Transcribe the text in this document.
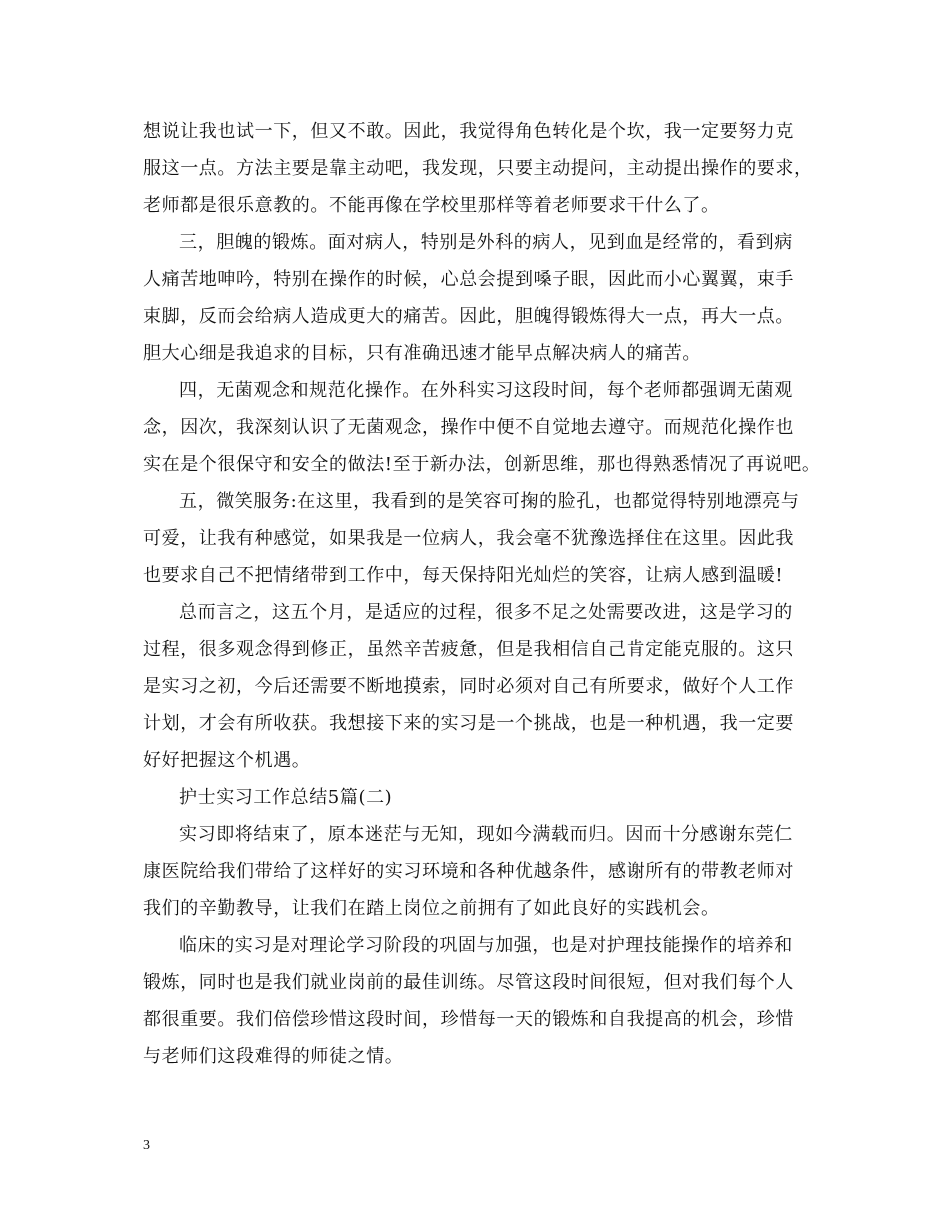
想说让我也试一下，但又不敢。因此，我觉得角色转化是个坎，我一定要努力克
服这一点。方法主要是靠主动吧，我发现，只要主动提问，主动提出操作的要求，
老师都是很乐意教的。不能再像在学校里那样等着老师要求干什么了。
三，胆魄的锻炼。面对病人，特别是外科的病人，见到血是经常的，看到病
人痛苦地呻吟，特别在操作的时候，心总会提到嗓子眼，因此而小心翼翼，束手
束脚，反而会给病人造成更大的痛苦。因此，胆魄得锻炼得大一点，再大一点。
胆大心细是我追求的目标，只有准确迅速才能早点解决病人的痛苦。
四，无菌观念和规范化操作。在外科实习这段时间，每个老师都强调无菌观
念，因次，我深刻认识了无菌观念，操作中便不自觉地去遵守。而规范化操作也
实在是个很保守和安全的做法!至于新办法，创新思维，那也得熟悉情况了再说吧。
五，微笑服务:在这里，我看到的是笑容可掬的脸孔，也都觉得特别地漂亮与
可爱，让我有种感觉，如果我是一位病人，我会毫不犹豫选择住在这里。因此我
也要求自己不把情绪带到工作中，每天保持阳光灿烂的笑容，让病人感到温暖!
总而言之，这五个月，是适应的过程，很多不足之处需要改进，这是学习的
过程，很多观念得到修正，虽然辛苦疲惫，但是我相信自己肯定能克服的。这只
是实习之初，今后还需要不断地摸索，同时必须对自己有所要求，做好个人工作
计划，才会有所收获。我想接下来的实习是一个挑战，也是一种机遇，我一定要
好好把握这个机遇。
护士实习工作总结5篇(二)
实习即将结束了，原本迷茫与无知，现如今满载而归。因而十分感谢东莞仁
康医院给我们带给了这样好的实习环境和各种优越条件，感谢所有的带教老师对
我们的辛勤教导，让我们在踏上岗位之前拥有了如此良好的实践机会。
临床的实习是对理论学习阶段的巩固与加强，也是对护理技能操作的培养和
锻炼，同时也是我们就业岗前的最佳训练。尽管这段时间很短，但对我们每个人
都很重要。我们倍偿珍惜这段时间，珍惜每一天的锻炼和自我提高的机会，珍惜
与老师们这段难得的师徒之情。
3
